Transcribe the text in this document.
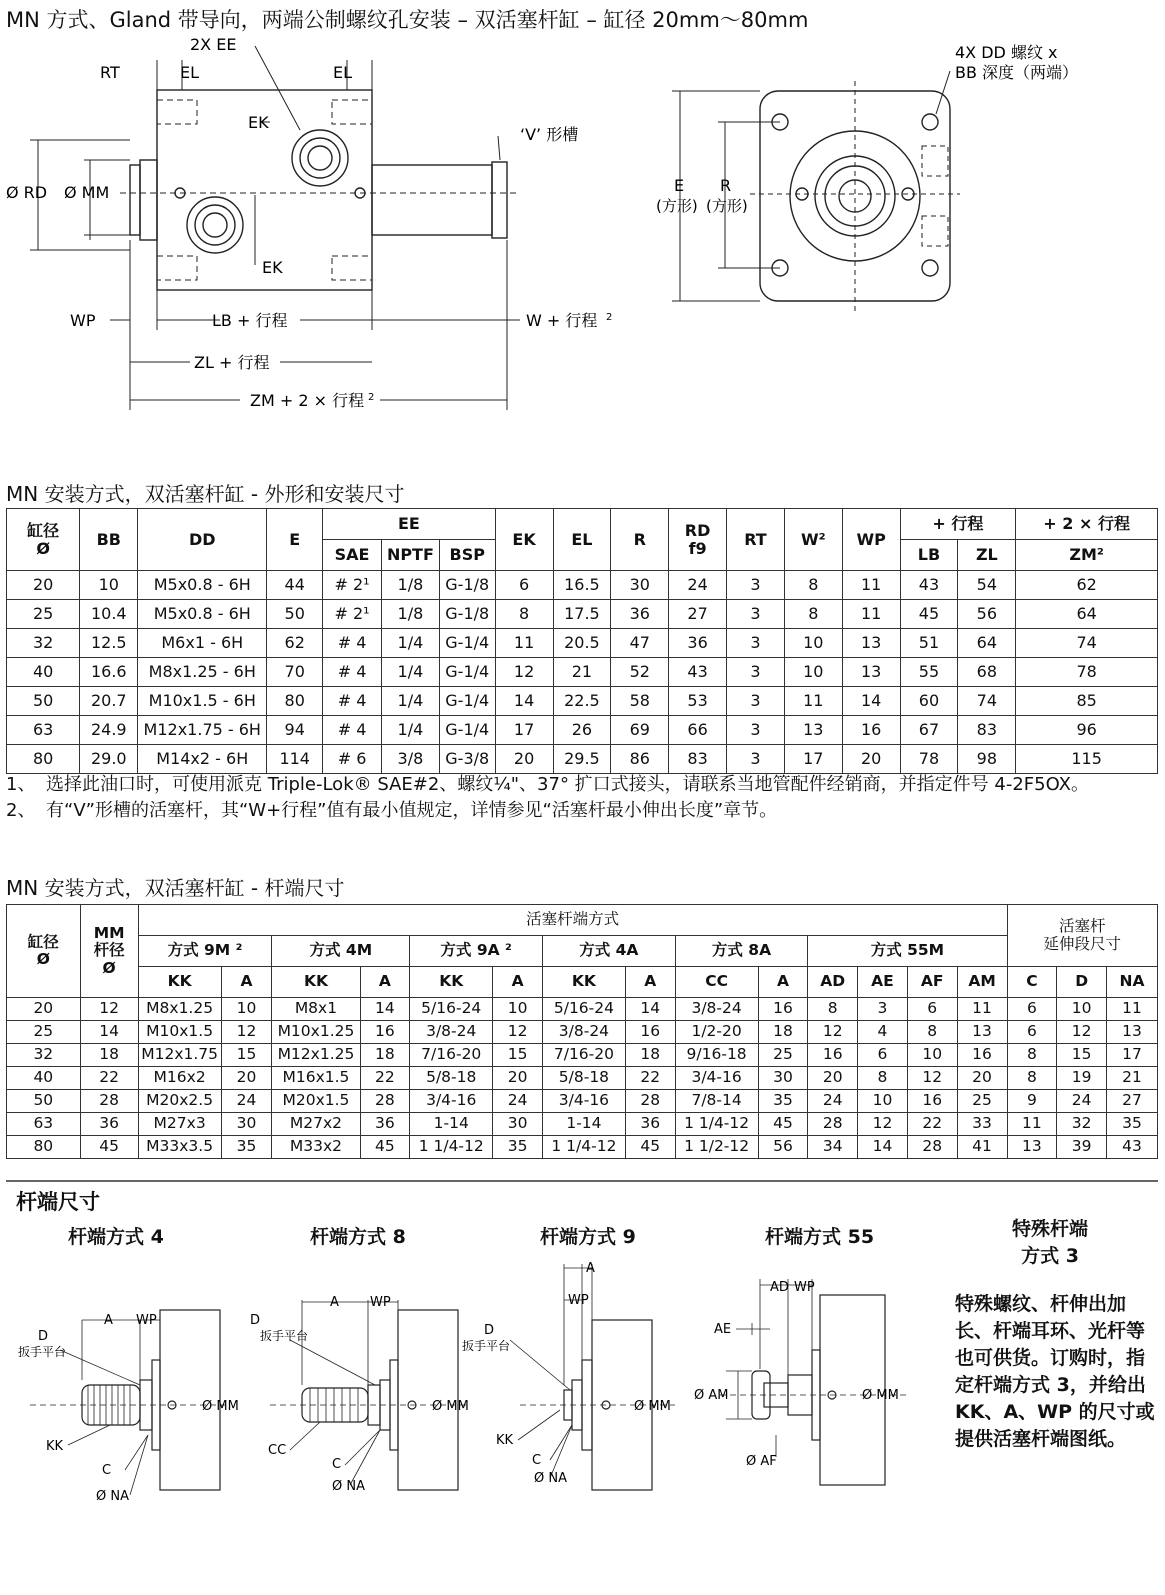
MN 方式、Gland 带导向，两端公制螺纹孔安装 – 双活塞杆缸 – 缸径 20mm～80mm
2X EE
RT	EL	EL
EK
EK
‘V’ 形槽
Ø RD Ø MM
WP	LB + 行程	W + 行程 2
ZL + 行程
ZM + 2 × 行程 2
4X DD 螺纹 x
BB 深度（两端）
E
(方形)
R
(方形)
MN 安装方式，双活塞杆缸 - 外形和安装尺寸
缸径
Ø	BB	DD	E	EE			EK	EL	R	RD
f9	RT	W²	WP	+ 行程		+ 2 × 行程
				SAE	NPTF	BSP								LB	ZL	ZM²
20	10	M5x0.8 - 6H	44	# 2¹	1/8	G-1/8	6	16.5	30	24	3	8	11	43	54	62
25	10.4	M5x0.8 - 6H	50	# 2¹	1/8	G-1/8	8	17.5	36	27	3	8	11	45	56	64
32	12.5	M6x1 - 6H	62	# 4	1/4	G-1/4	11	20.5	47	36	3	10	13	51	64	74
40	16.6	M8x1.25 - 6H	70	# 4	1/4	G-1/4	12	21	52	43	3	10	13	55	68	78
50	20.7	M10x1.5 - 6H	80	# 4	1/4	G-1/4	14	22.5	58	53	3	11	14	60	74	85
63	24.9	M12x1.75 - 6H	94	# 4	1/4	G-1/4	17	26	69	66	3	13	16	67	83	96
80	29.0	M14x2 - 6H	114	# 6	3/8	G-3/8	20	29.5	86	83	3	17	20	78	98	115
1、 选择此油口时，可使用派克 Triple-Lok® SAE#2、螺纹¼"、37° 扩口式接头，请联系当地管配件经销商，并指定件号 4-2F5OX。
2、 有“V”形槽的活塞杆，其“W+行程”值有最小值规定，详情参见“活塞杆最小伸出长度”章节。
MN 安装方式，双活塞杆缸 - 杆端尺寸
缸径
Ø	MM
杆径
Ø	活塞杆端方式														活塞杆
延伸段尺寸		
		方式 9M ²		方式 4M		方式 9A ²		方式 4A		方式 8A		方式 55M						
		KK	A	KK	A	KK	A	KK	A	CC	A	AD	AE	AF	AM	C	D	NA
20	12	M8x1.25	10	M8x1	14	5/16-24	10	5/16-24	14	3/8-24	16	8	3	6	11	6	10	11
25	14	M10x1.5	12	M10x1.25	16	3/8-24	12	3/8-24	16	1/2-20	18	12	4	8	13	6	12	13
32	18	M12x1.75	15	M12x1.25	18	7/16-20	15	7/16-20	18	9/16-18	25	16	6	10	16	8	15	17
40	22	M16x2	20	M16x1.5	22	5/8-18	20	5/8-18	22	3/4-16	30	20	8	12	20	8	19	21
50	28	M20x2.5	24	M20x1.5	28	3/4-16	24	3/4-16	28	7/8-14	35	24	10	16	25	9	24	27
63	36	M27x3	30	M27x2	36	1-14	30	1-14	36	1 1/4-12	45	28	12	22	33	11	32	35
80	45	M33x3.5	35	M33x2	45	1 1/4-12	35	1 1/4-12	45	1 1/2-12	56	34	14	28	41	13	39	43
杆端尺寸
杆端方式 4	杆端方式 8	杆端方式 9	杆端方式 55	特殊杆端
方式 3
特殊螺纹、杆伸出加长、杆端耳环、光杆等也可供货。订购时，指定杆端方式 3，并给出 KK、A、WP 的尺寸或提供活塞杆端图纸。
A WP
D
扳手平台
Ø MM
KK
C
Ø NA
A WP
D
扳手平台
Ø MM
CC
C
Ø NA
A
WP
D
扳手平台
Ø MM
KK
C
Ø NA
AD WP
AE
Ø AM	Ø MM
Ø AF
